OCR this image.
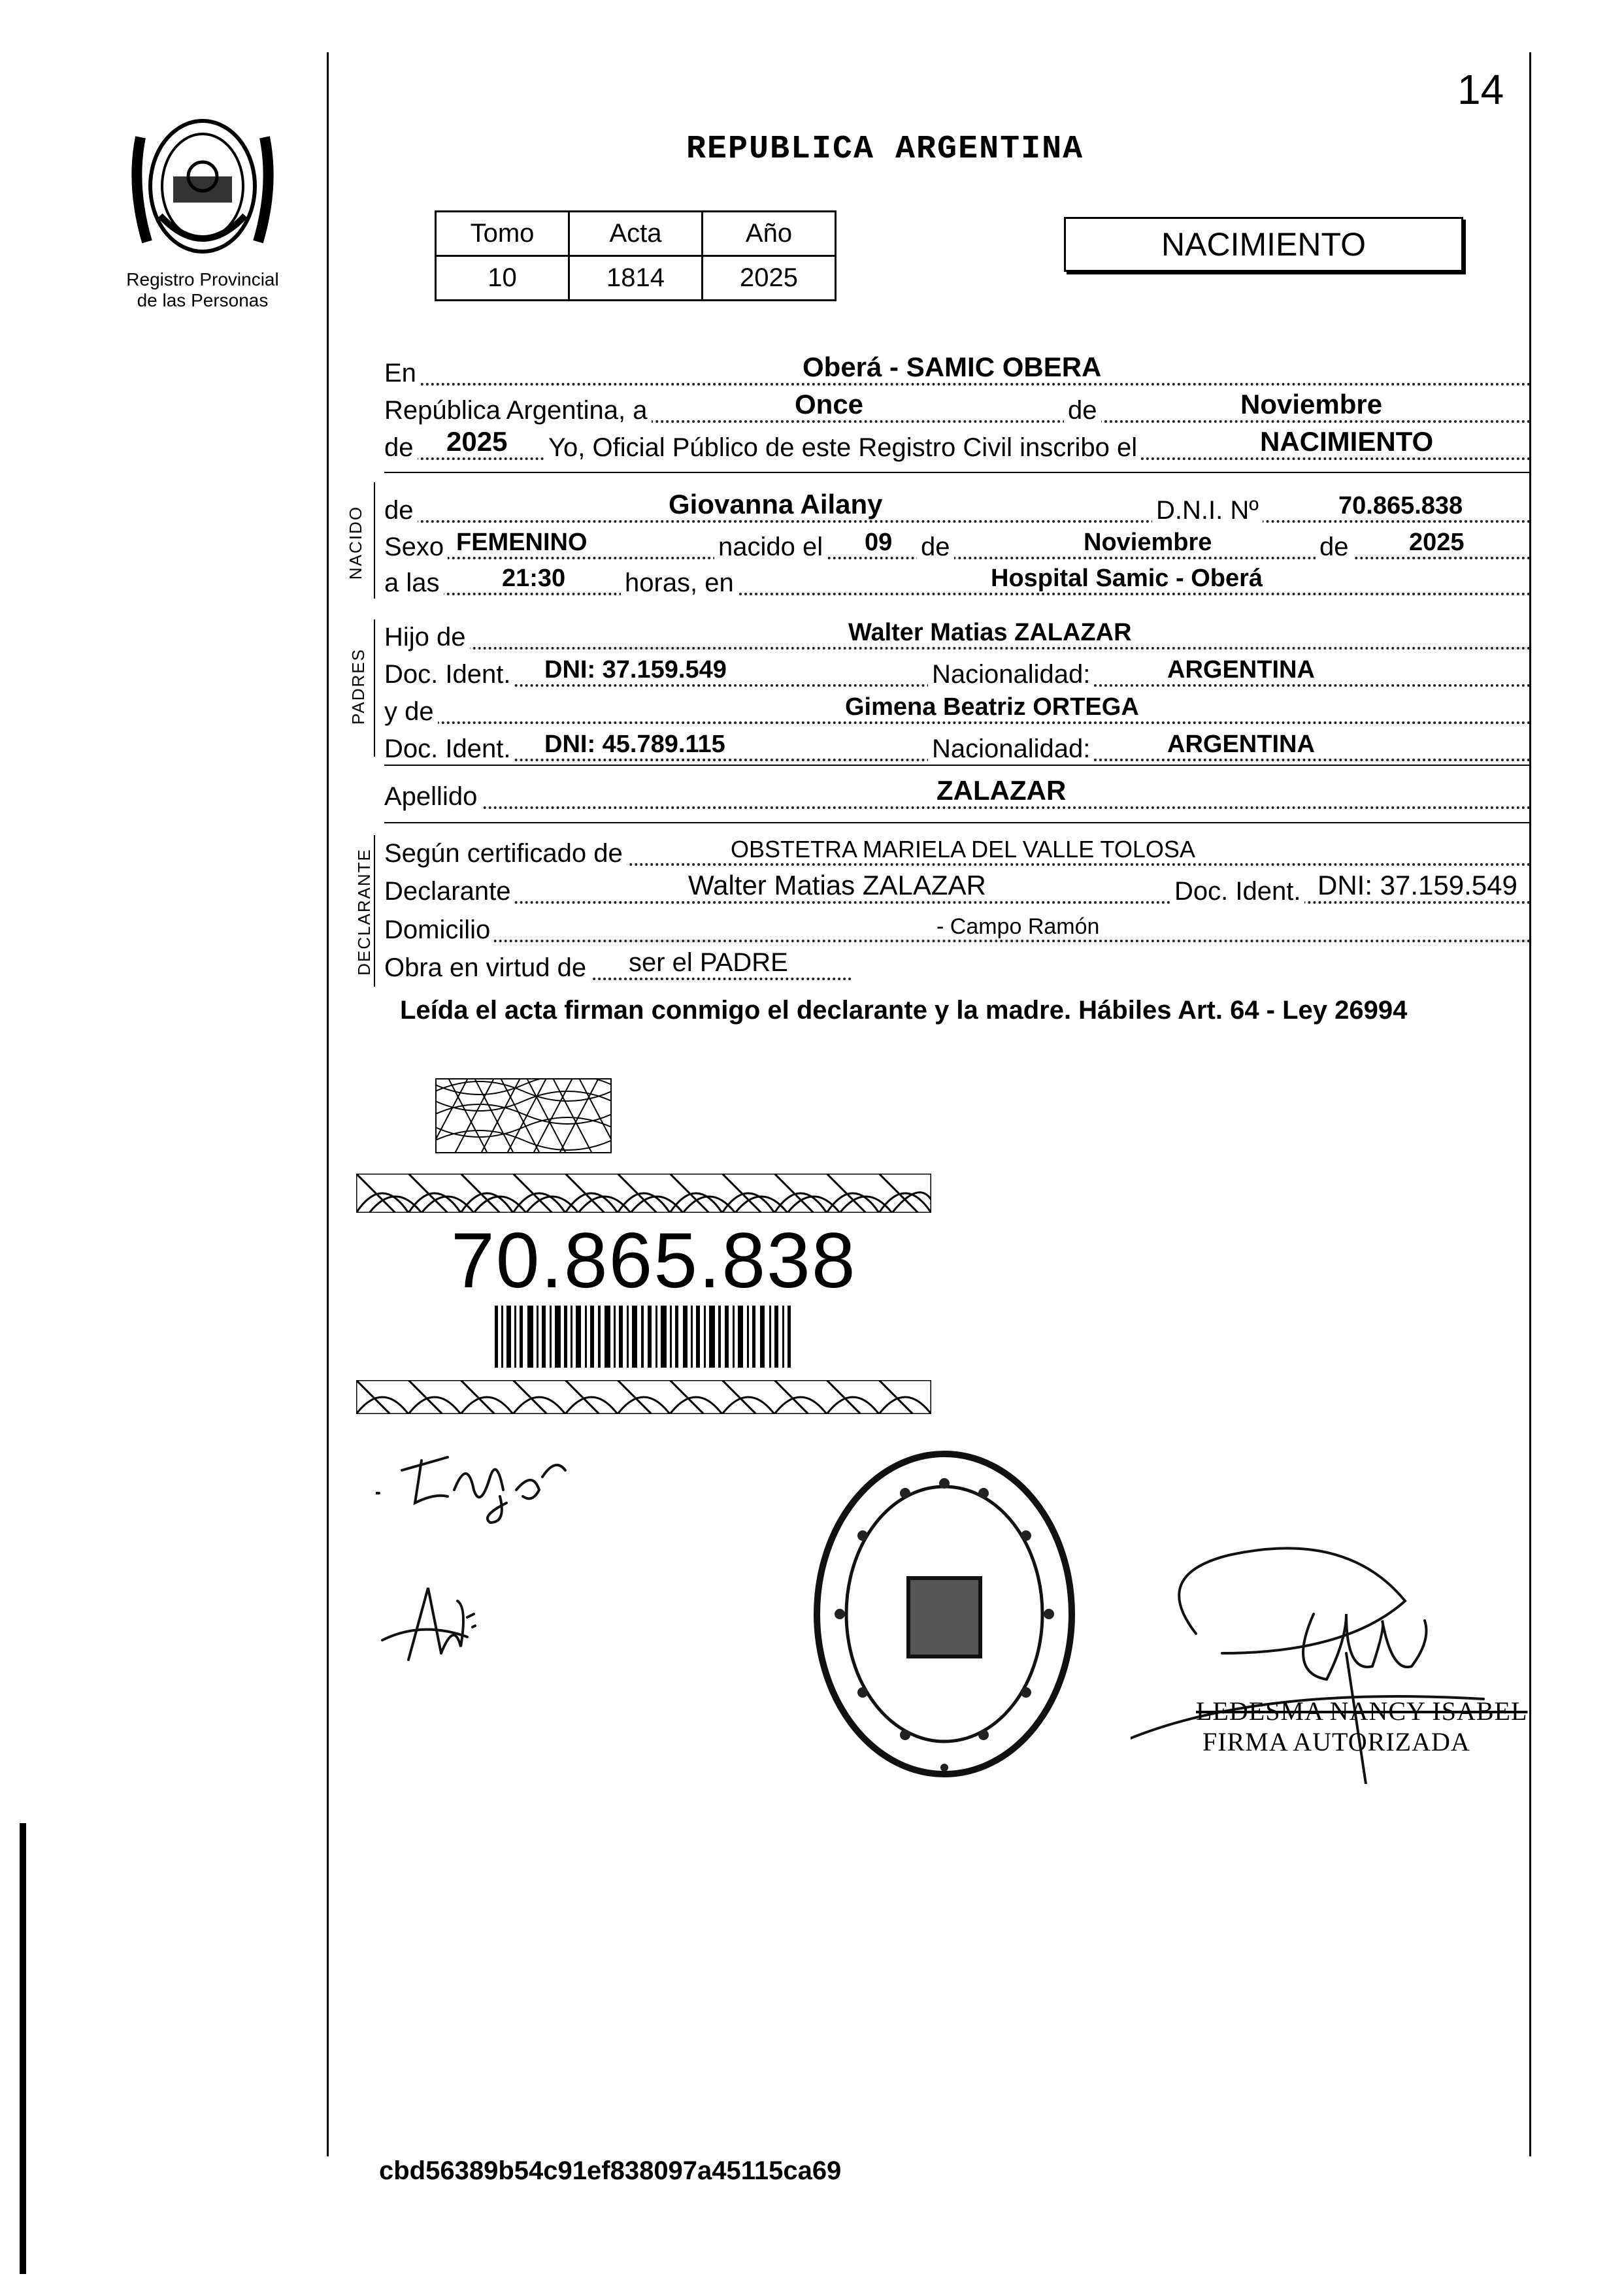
14
REPUBLICA ARGENTINA
Registro Provincial
de las Personas
Tomo	Acta	Año
10	1814	2025
NACIMIENTO
En	Oberá - SAMIC OBERA
República Argentina, a	Once	de	Noviembre
de 2025 Yo, Oficial Público de este Registro Civil inscribo el	NACIMIENTO
NACIDO de	Giovanna Ailany	D.N.I. Nº	70.865.838
Sexo FEMENINO	nacido el 09 de	Noviembre	de 2025
a las	21:30 horas, en	Hospital Samic - Oberá
PADRES
Hijo de	Walter Matias ZALAZAR
Doc. Ident. DNI: 37.159.549	Nacionalidad:	ARGENTINA
y de	Gimena Beatriz ORTEGA
Doc. Ident. DNI: 45.789.115	Nacionalidad:	ARGENTINA
Apellido	ZALAZAR
DECLARANTE Según certificado de	OBSTETRA MARIELA DEL VALLE TOLOSA
Declarante	Walter Matias ZALAZAR	Doc. Ident. DNI: 37.159.549
Domicilio	- Campo Ramón
Obra en virtud de ser el PADRE
Leída el acta firman conmigo el declarante y la madre. Hábiles Art. 64 - Ley 26994
70.865.838
LEDESMA NANCY ISABEL
FIRMA AUTORIZADA
cbd56389b54c91ef838097a45115ca69
